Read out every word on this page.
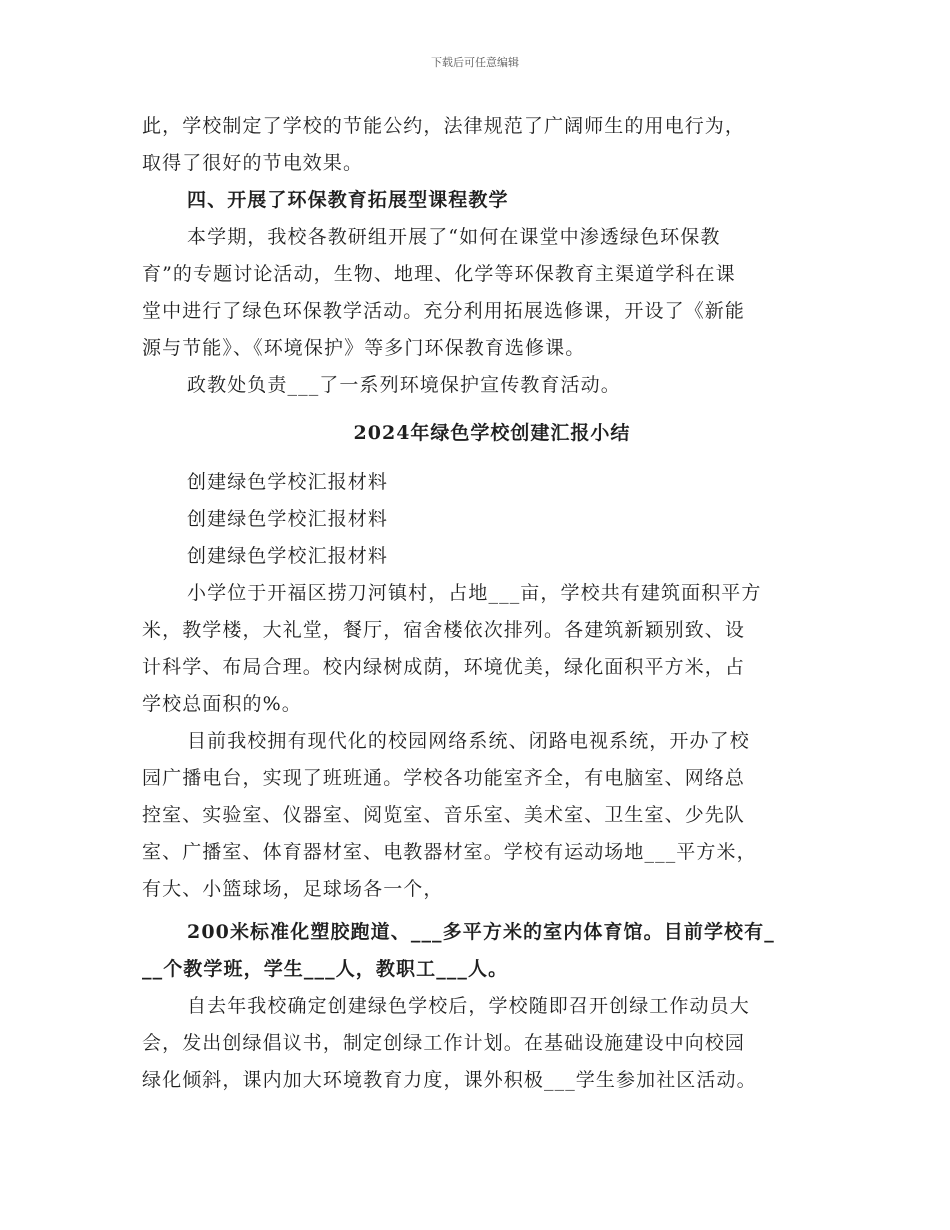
下载后可任意编辑
此，学校制定了学校的节能公约，法律规范了广阔师生的用电行为，
取得了很好的节电效果。
四、开展了环保教育拓展型课程教学
本学期，我校各教研组开展了“如何在课堂中渗透绿色环保教
育”的专题讨论活动，生物、地理、化学等环保教育主渠道学科在课
堂中进行了绿色环保教学活动。充分利用拓展选修课，开设了《新能
源与节能》、《环境保护》等多门环保教育选修课。
政教处负责___了一系列环境保护宣传教育活动。
2024年绿色学校创建汇报小结
创建绿色学校汇报材料
创建绿色学校汇报材料
创建绿色学校汇报材料
小学位于开福区捞刀河镇村，占地___亩，学校共有建筑面积平方
米，教学楼，大礼堂，餐厅，宿舍楼依次排列。各建筑新颖别致、设
计科学、布局合理。校内绿树成荫，环境优美，绿化面积平方米，占
学校总面积的%。
目前我校拥有现代化的校园网络系统、闭路电视系统，开办了校
园广播电台，实现了班班通。学校各功能室齐全，有电脑室、网络总
控室、实验室、仪器室、阅览室、音乐室、美术室、卫生室、少先队
室、广播室、体育器材室、电教器材室。学校有运动场地___平方米，
有大、小篮球场，足球场各一个，
200米标准化塑胶跑道、___多平方米的室内体育馆。目前学校有_
__个教学班，学生___人，教职工___人。
自去年我校确定创建绿色学校后，学校随即召开创绿工作动员大
会，发出创绿倡议书，制定创绿工作计划。在基础设施建设中向校园
绿化倾斜，课内加大环境教育力度，课外积极___学生参加社区活动。
